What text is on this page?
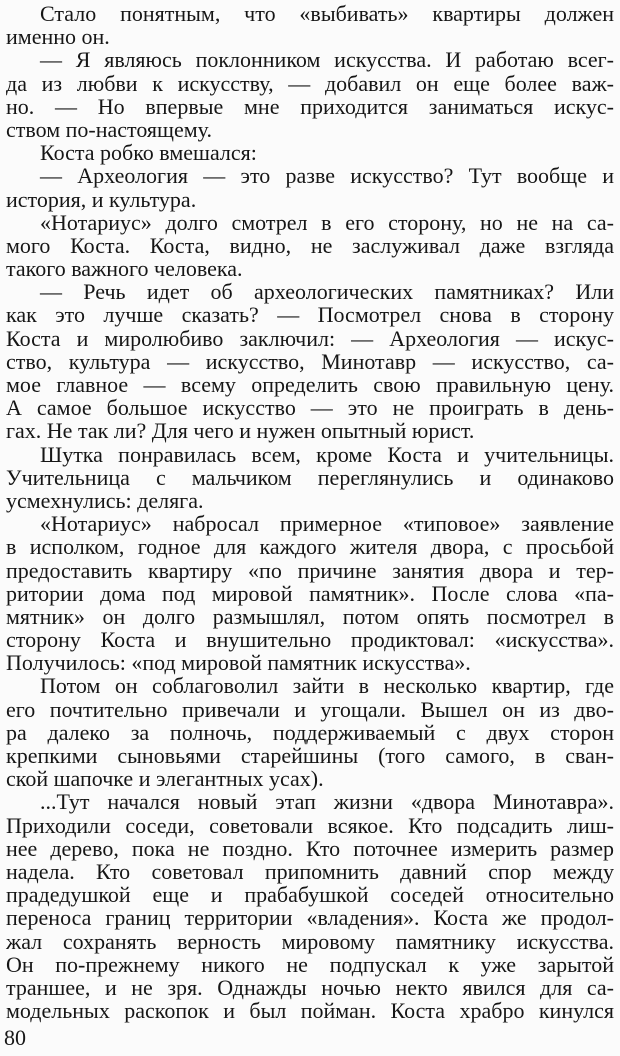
Стало понятным, что «выбивать» квартиры должен
именно он.
— Я являюсь поклонником искусства. И работаю всег-
да из любви к искусству, — добавил он еще более важ-
но. — Но впервые мне приходится заниматься искус-
ством по-настоящему.
Коста робко вмешался:
— Археология — это разве искусство? Тут вообще и
история, и культура.
«Нотариус» долго смотрел в его сторону, но не на са-
мого Коста. Коста, видно, не заслуживал даже взгляда
такого важного человека.
— Речь идет об археологических памятниках? Или
как это лучше сказать? — Посмотрел снова в сторону
Коста и миролюбиво заключил: — Археология — искус-
ство, культура — искусство, Минотавр — искусство, са-
мое главное — всему определить свою правильную цену.
А самое большое искусство — это не проиграть в день-
гах. Не так ли? Для чего и нужен опытный юрист.
Шутка понравилась всем, кроме Коста и учительницы.
Учительница с мальчиком переглянулись и одинаково
усмехнулись: деляга.
«Нотариус» набросал примерное «типовое» заявление
в исполком, годное для каждого жителя двора, с просьбой
предоставить квартиру «по причине занятия двора и тер-
ритории дома под мировой памятник». После слова «па-
мятник» он долго размышлял, потом опять посмотрел в
сторону Коста и внушительно продиктовал: «искусства».
Получилось: «под мировой памятник искусства».
Потом он соблаговолил зайти в несколько квартир, где
его почтительно привечали и угощали. Вышел он из дво-
ра далеко за полночь, поддерживаемый с двух сторон
крепкими сыновьями старейшины (того самого, в сван-
ской шапочке и элегантных усах).
...Тут начался новый этап жизни «двора Минотавра».
Приходили соседи, советовали всякое. Кто подсадить лиш-
нее дерево, пока не поздно. Кто поточнее измерить размер
надела. Кто советовал припомнить давний спор между
прадедушкой еще и прабабушкой соседей относительно
переноса границ территории «владения». Коста же продол-
жал сохранять верность мировому памятнику искусства.
Он по-прежнему никого не подпускал к уже зарытой
траншее, и не зря. Однажды ночью некто явился для са-
модельных раскопок и был пойман. Коста храбро кинулся
80
